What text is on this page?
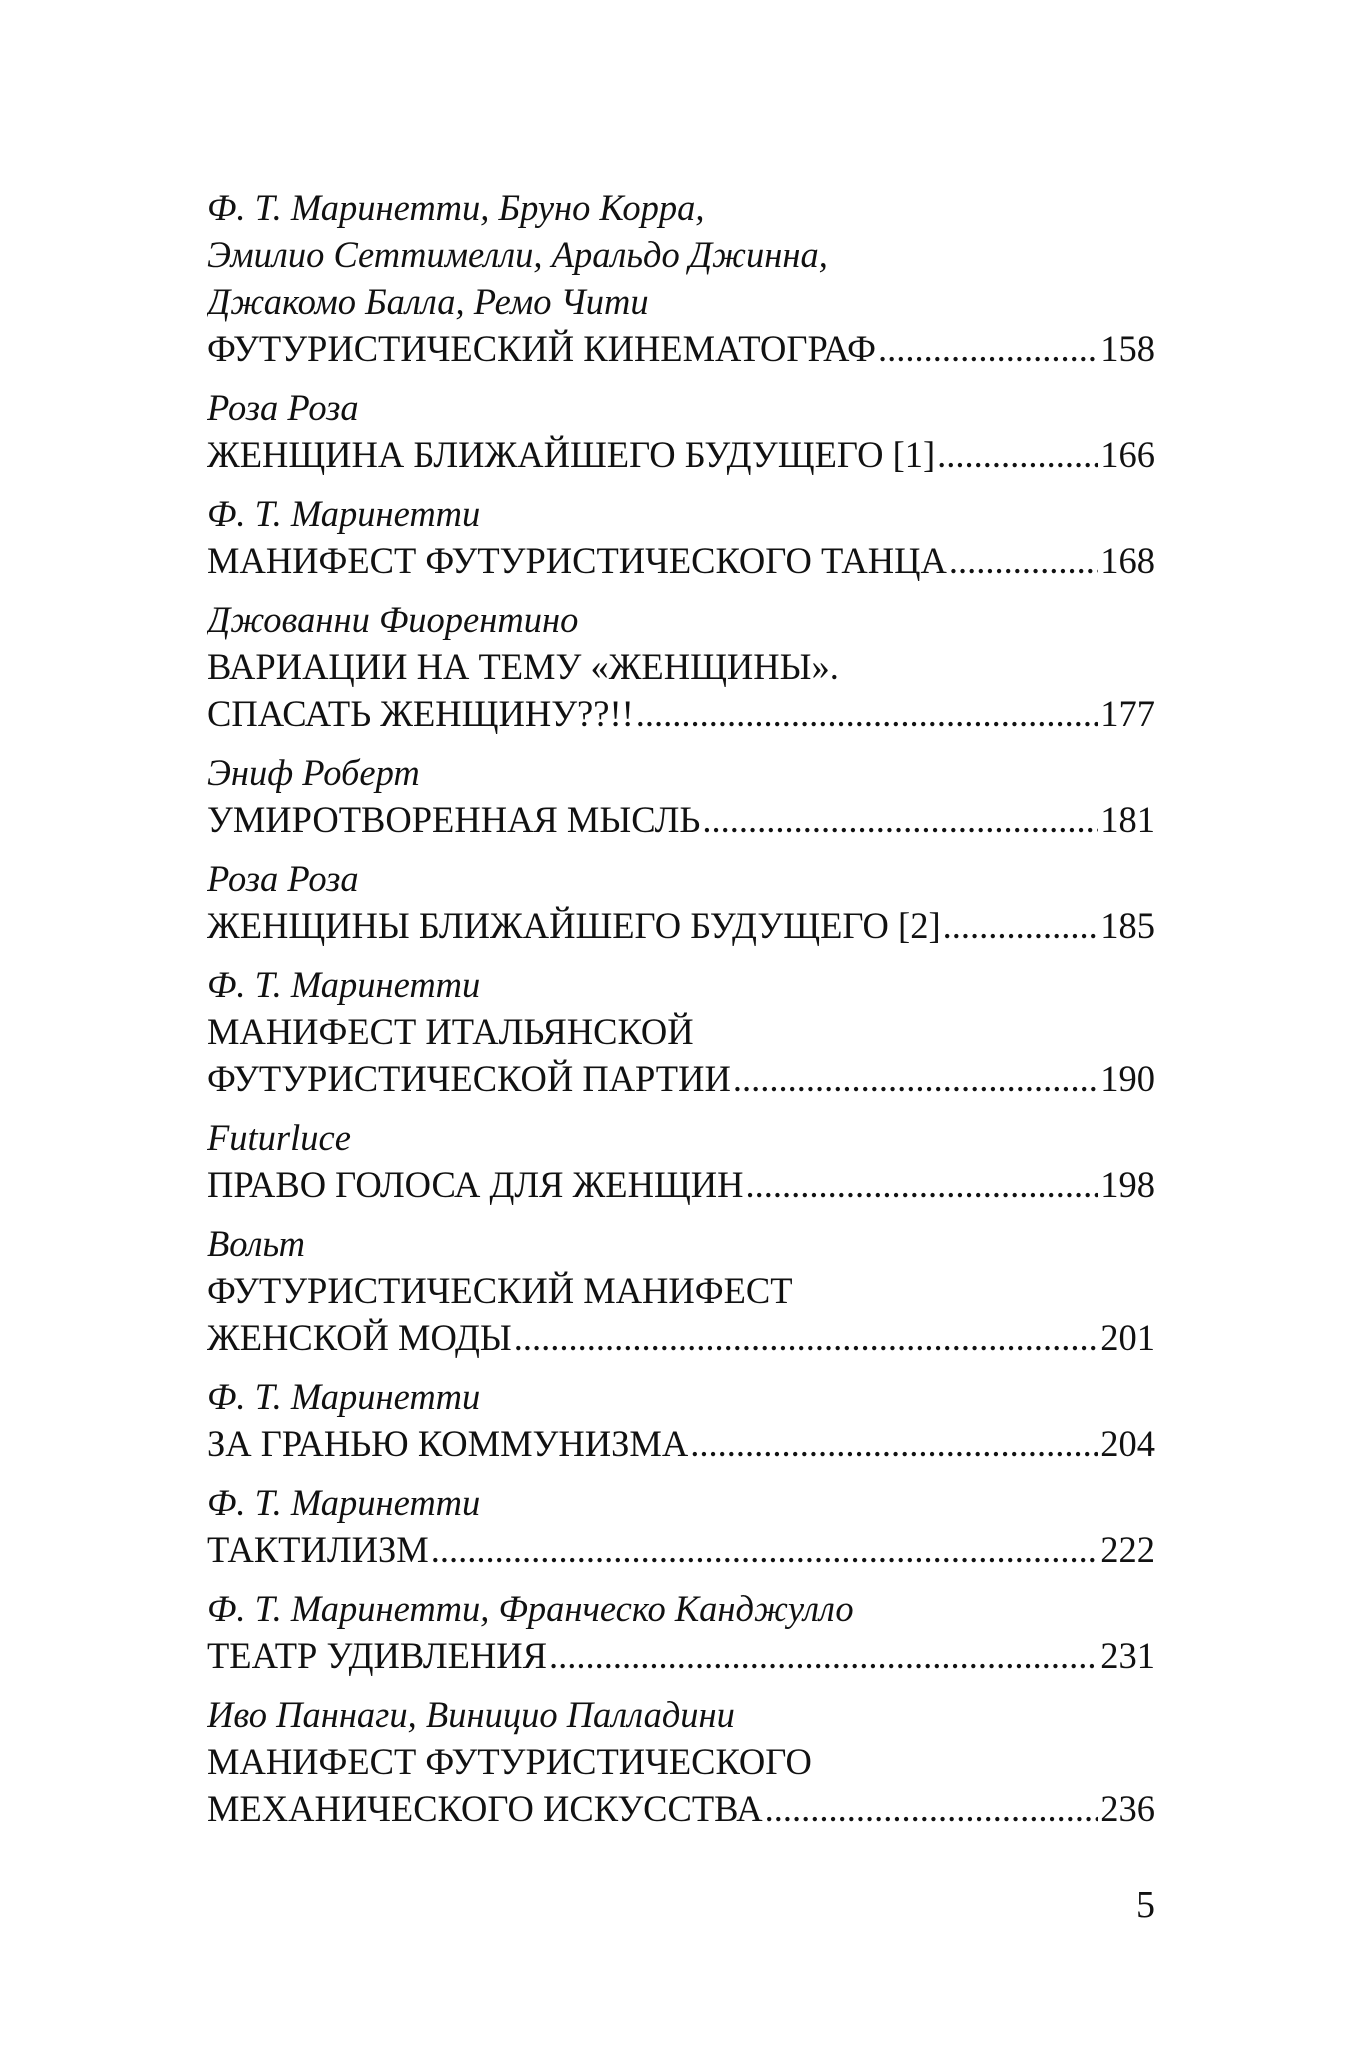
Ф. Т. Маринетти, Бруно Корра,
Эмилио Сеттимелли, Аральдо Джинна,
Джакомо Балла, Ремо Чити
ФУТУРИСТИЧЕСКИЙ КИНЕМАТОГРАФ .....	158
Роза Роза
ЖЕНЩИНА БЛИЖАЙШЕГО БУДУЩЕГО [1] .....	166
Ф. Т. Маринетти
МАНИФЕСТ ФУТУРИСТИЧЕСКОГО ТАНЦА .....	168
Джованни Фиорентино
ВАРИАЦИИ НА ТЕМУ «ЖЕНЩИНЫ».
СПАСАТЬ ЖЕНЩИНУ??!! .....	177
Эниф Роберт
УМИРОТВОРЕННАЯ МЫСЛЬ .....	181
Роза Роза
ЖЕНЩИНЫ БЛИЖАЙШЕГО БУДУЩЕГО [2] .....	185
Ф. Т. Маринетти
МАНИФЕСТ ИТАЛЬЯНСКОЙ
ФУТУРИСТИЧЕСКОЙ ПАРТИИ .....	190
Futurluce
ПРАВО ГОЛОСА ДЛЯ ЖЕНЩИН .....	198
Вольт
ФУТУРИСТИЧЕСКИЙ МАНИФЕСТ
ЖЕНСКОЙ МОДЫ .....	201
Ф. Т. Маринетти
ЗА ГРАНЬЮ КОММУНИЗМА .....	204
Ф. Т. Маринетти
ТАКТИЛИЗМ .....	222
Ф. Т. Маринетти, Франческо Канджулло
ТЕАТР УДИВЛЕНИЯ .....	231
Иво Паннаги, Виницио Палладини
МАНИФЕСТ ФУТУРИСТИЧЕСКОГО
МЕХАНИЧЕСКОГО ИСКУССТВА .....	236
5
